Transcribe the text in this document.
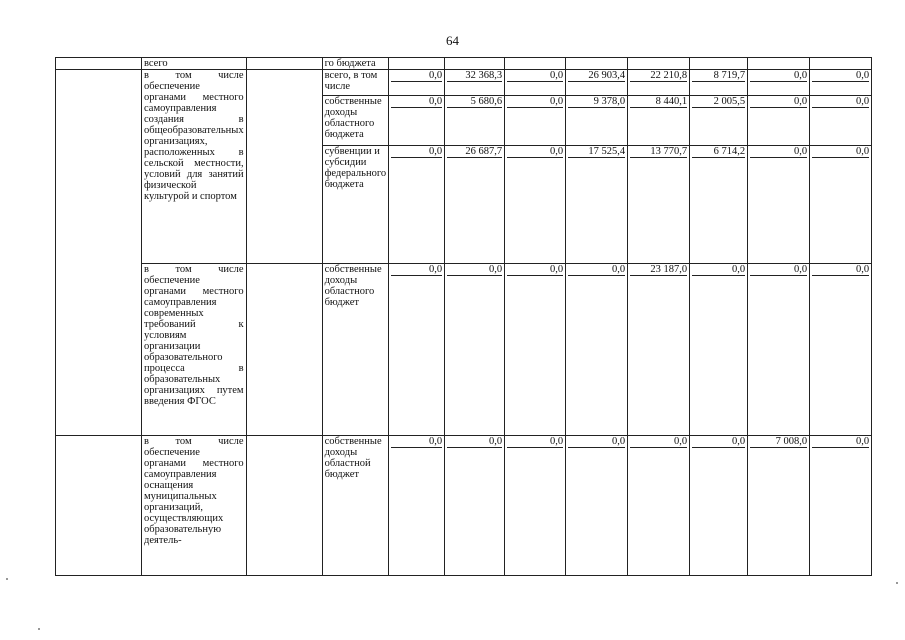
64
	всего		го бюджета								
	в том числе обеспечение органами местного самоуправления создания в общеобразовательных организациях, расположенных в сельской местности, условий для занятий физической культурой и спортом		всего, в том числе	0,0	32 368,3	0,0	26 903,4	22 210,8	8 719,7	0,0	0,0

			собственные доходы областного бюджета	0,0	5 680,6	0,0	9 378,0	8 440,1	2 005,5	0,0	0,0

			субвенции и субсидии федерального бюджета	0,0	26 687,7	0,0	17 525,4	13 770,7	6 714,2	0,0	0,0

	в том числе обеспечение органами местного самоуправления современных требований к условиям организации образовательного процесса в образовательных организациях путем введения ФГОС		собственные доходы областного бюджет	0,0	0,0	0,0	0,0	23 187,0	0,0	0,0	0,0

	в том числе обеспечение органами местного самоуправления оснащения муниципальных организаций, осуществляющих образовательную деятель-		собственные доходы областной бюджет	0,0	0,0	0,0	0,0	0,0	0,0	7 008,0	0,0
